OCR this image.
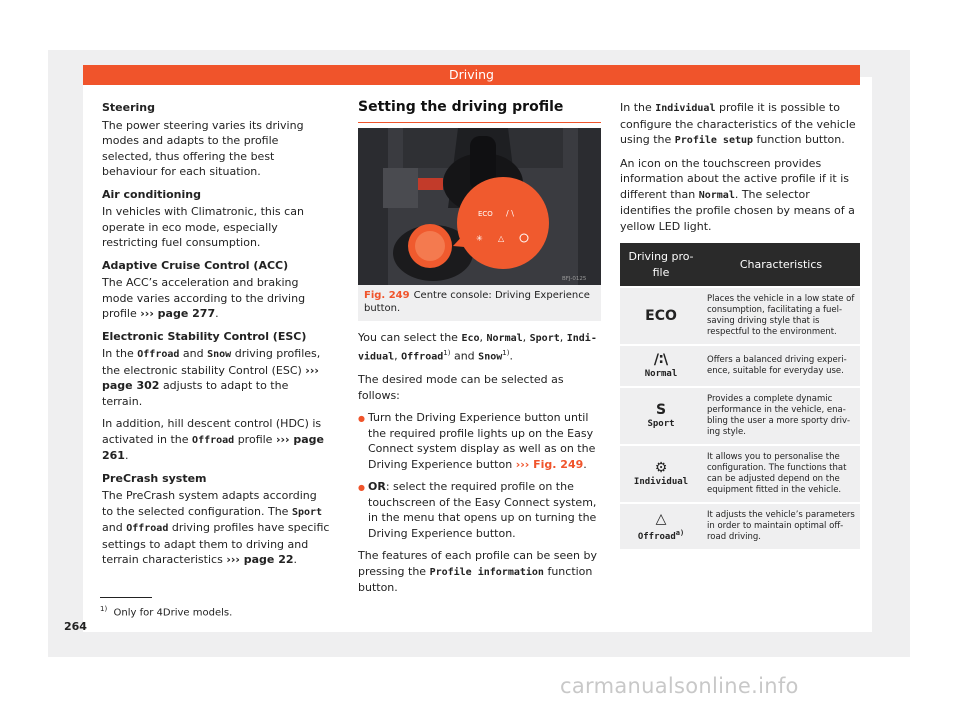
Driving

Steering

The power steering varies its driving modes and adapts to the profile selected, thus offering the best behaviour for each situation.

Air conditioning

In vehicles with Climatronic, this can operate in eco mode, especially restricting fuel consumption.

Adaptive Cruise Control (ACC)

The ACC’s acceleration and braking mode varies according to the driving profile ››› page 277.

Electronic Stability Control (ESC)

In the Offroad and Snow driving profiles, the electronic stability Control (ESC) ››› page 302 adjusts to adapt to the terrain.

In addition, hill descent control (HDC) is activated in the Offroad profile ››› page 261.

PreCrash system

The PreCrash system adapts according to the selected configuration. The Sport and Offroad driving profiles have specific settings to adapt them to driving and terrain characteristics ››› page 22.

Setting the driving profile
ECO / \
✳ △
BFJ-0125
Fig. 249 Centre console: Driving Experience button.

You can select the Eco, Normal, Sport, Individual, Offroad$^{1)}$ and Snow$^{1)}$.

The desired mode can be selected as follows:

● Turn the Driving Experience button until the required profile lights up on the Easy Connect system display as well as on the Driving Experience button ››› Fig. 249.

● OR: select the required profile on the touchscreen of the Easy Connect system, in the menu that opens up on turning the Driving Experience button.

The features of each profile can be seen by pressing the Profile information function button.

In the Individual profile it is possible to configure the characteristics of the vehicle using the Profile setup function button.

An icon on the touchscreen provides information about the active profile if it is different than Normal. The selector identifies the profile chosen by means of a yellow LED light.

Driving profile	Characteristics

ECO	Places the vehicle in a low state of consumption, facilitating a fuel-saving driving style that is respectful to the environment.

/∶\
Normal	Offers a balanced driving experience, suitable for everyday use.

S
Sport	Provides a complete dynamic performance in the vehicle, enabling the user a more sporty driving style.

⚙
Individual	It allows you to personalise the configuration. The functions that can be adjusted depend on the equipment fitted in the vehicle.

△
Offroad$^{a)}$	It adjusts the vehicle’s parameters in order to maintain optimal off-road driving.
$^{1)}$ Only for 4Drive models.
264
carmanualsonline.info
